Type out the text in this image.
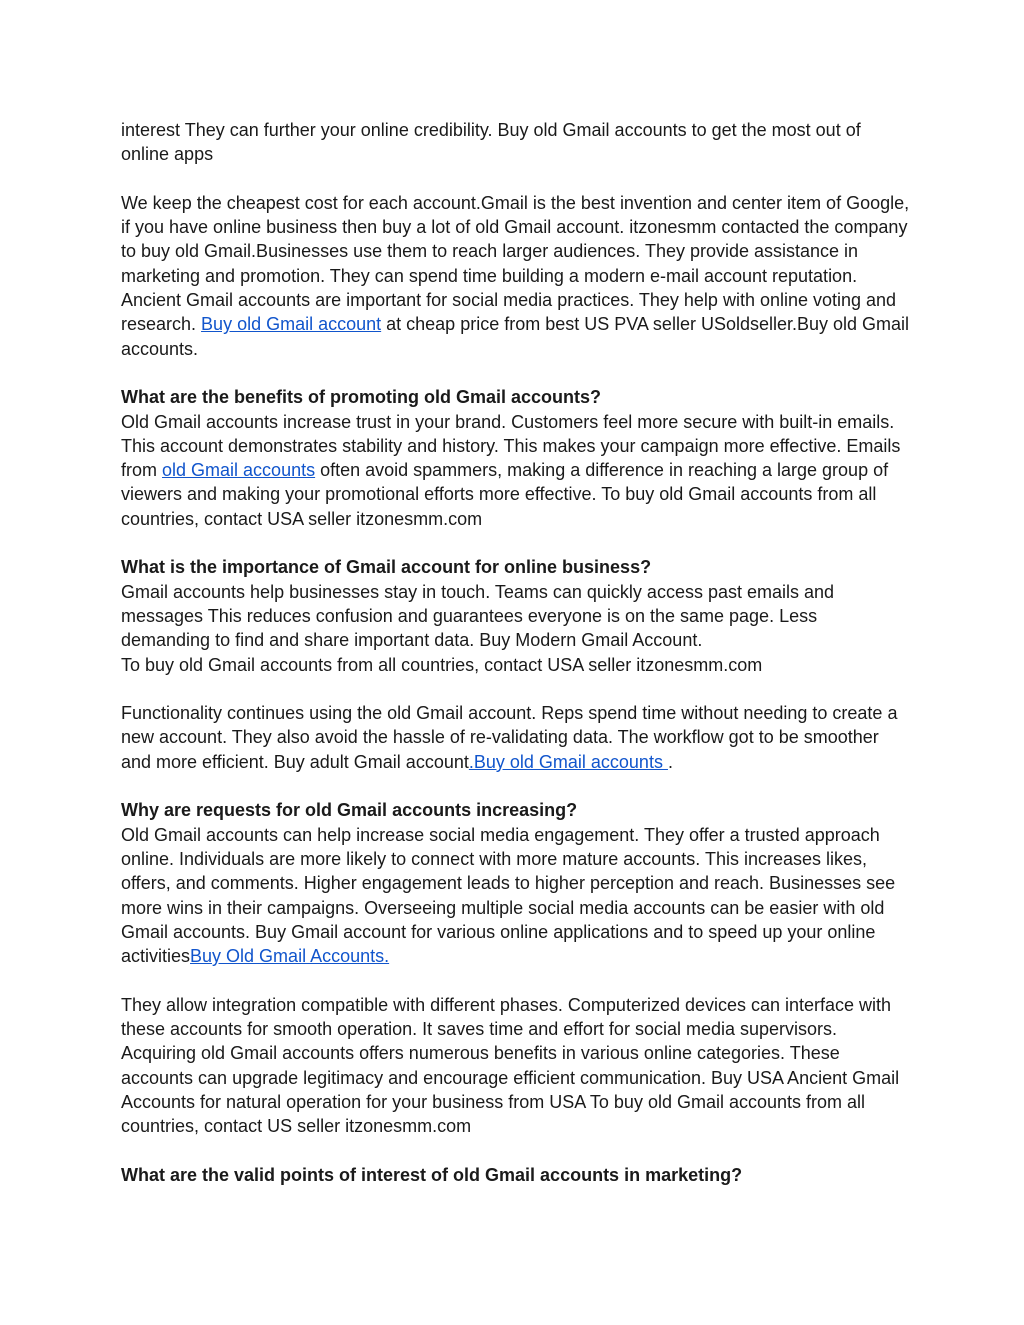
interest They can further your online credibility. Buy old Gmail accounts to get the most out of online apps

We keep the cheapest cost for each account.Gmail is the best invention and center item of Google, if you have online business then buy a lot of old Gmail account. itzonesmm contacted the company to buy old Gmail.Businesses use them to reach larger audiences. They provide assistance in marketing and promotion. They can spend time building a modern e-mail account reputation. Ancient Gmail accounts are important for social media practices. They help with online voting and research. Buy old Gmail account at cheap price from best US PVA seller USoldseller.Buy old Gmail accounts.

What are the benefits of promoting old Gmail accounts?

Old Gmail accounts increase trust in your brand. Customers feel more secure with built-in emails. This account demonstrates stability and history. This makes your campaign more effective. Emails from old Gmail accounts often avoid spammers, making a difference in reaching a large group of viewers and making your promotional efforts more effective. To buy old Gmail accounts from all countries, contact USA seller itzonesmm.com

What is the importance of Gmail account for online business?

Gmail accounts help businesses stay in touch. Teams can quickly access past emails and messages This reduces confusion and guarantees everyone is on the same page. Less demanding to find and share important data. Buy Modern Gmail Account.

To buy old Gmail accounts from all countries, contact USA seller itzonesmm.com

Functionality continues using the old Gmail account. Reps spend time without needing to create a new account. They also avoid the hassle of re-validating data. The workflow got to be smoother and more efficient. Buy adult Gmail account.Buy old Gmail accounts .

Why are requests for old Gmail accounts increasing?

Old Gmail accounts can help increase social media engagement. They offer a trusted approach online. Individuals are more likely to connect with more mature accounts. This increases likes, offers, and comments. Higher engagement leads to higher perception and reach. Businesses see more wins in their campaigns. Overseeing multiple social media accounts can be easier with old Gmail accounts. Buy Gmail account for various online applications and to speed up your online activitiesBuy Old Gmail Accounts.

They allow integration compatible with different phases. Computerized devices can interface with these accounts for smooth operation. It saves time and effort for social media supervisors. Acquiring old Gmail accounts offers numerous benefits in various online categories. These accounts can upgrade legitimacy and encourage efficient communication. Buy USA Ancient Gmail Accounts for natural operation for your business from USA To buy old Gmail accounts from all countries, contact US seller itzonesmm.com

What are the valid points of interest of old Gmail accounts in marketing?
